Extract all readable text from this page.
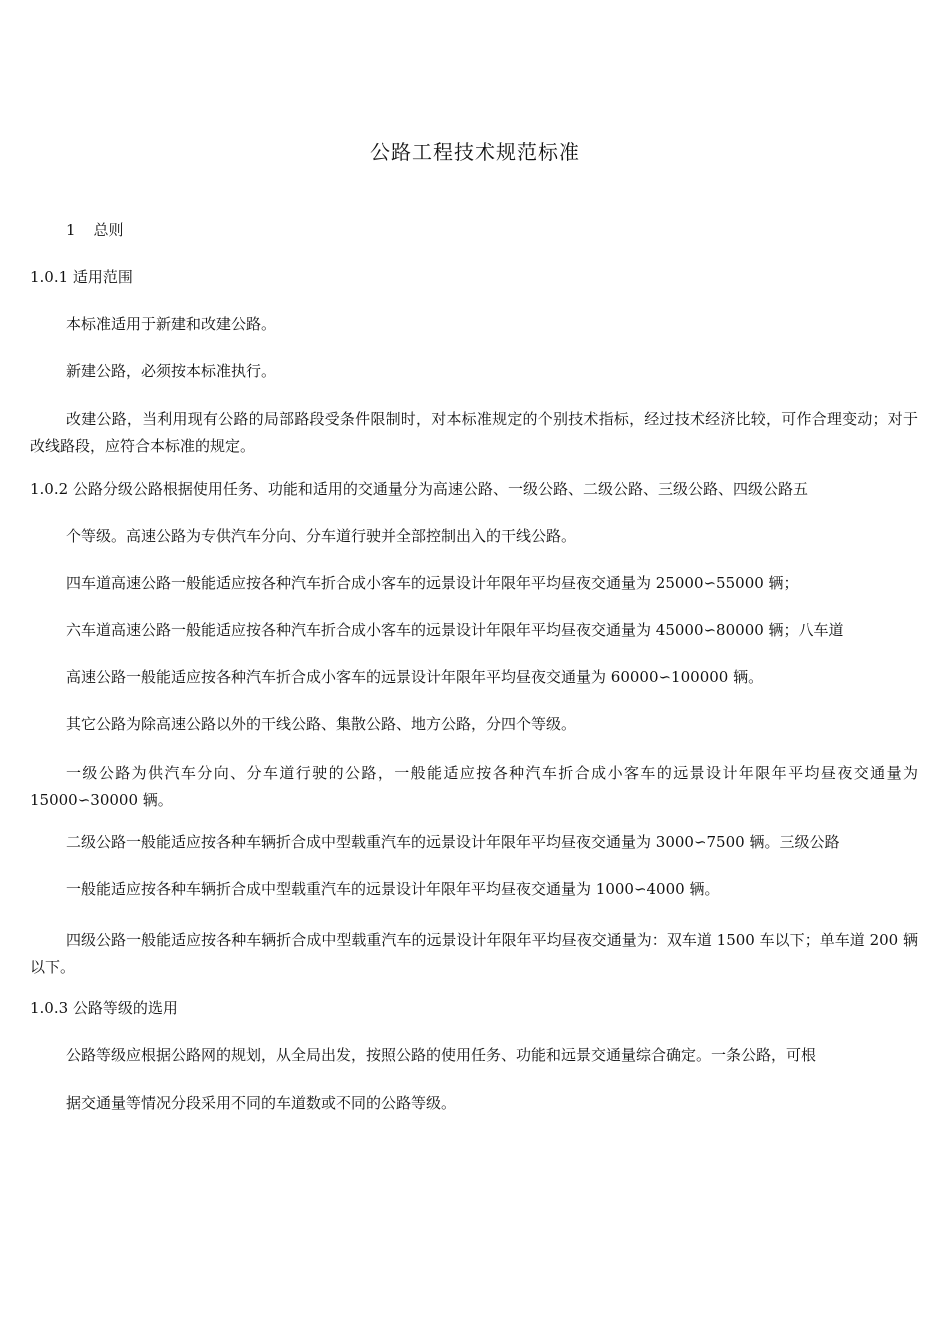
公路工程技术规范标准
1 总则
1.0.1 适用范围
本标准适用于新建和改建公路。
新建公路，必须按本标准执行。
改建公路，当利用现有公路的局部路段受条件限制时，对本标准规定的个别技术指标，经过技术经济比较，可作合理变动；对于改线路段，应符合本标准的规定。
1.0.2 公路分级公路根据使用任务、功能和适用的交通量分为高速公路、一级公路、二级公路、三级公路、四级公路五
个等级。高速公路为专供汽车分向、分车道行驶并全部控制出入的干线公路。
四车道高速公路一般能适应按各种汽车折合成小客车的远景设计年限年平均昼夜交通量为 25000∽55000 辆；
六车道高速公路一般能适应按各种汽车折合成小客车的远景设计年限年平均昼夜交通量为 45000∽80000 辆；八车道
高速公路一般能适应按各种汽车折合成小客车的远景设计年限年平均昼夜交通量为 60000∽100000 辆。
其它公路为除高速公路以外的干线公路、集散公路、地方公路，分四个等级。
一级公路为供汽车分向、分车道行驶的公路，一般能适应按各种汽车折合成小客车的远景设计年限年平均昼夜交通量为 15000∽30000 辆。
二级公路一般能适应按各种车辆折合成中型载重汽车的远景设计年限年平均昼夜交通量为 3000∽7500 辆。三级公路
一般能适应按各种车辆折合成中型载重汽车的远景设计年限年平均昼夜交通量为 1000∽4000 辆。
四级公路一般能适应按各种车辆折合成中型载重汽车的远景设计年限年平均昼夜交通量为：双车道 1500 车以下；单车道 200 辆以下。
1.0.3 公路等级的选用
公路等级应根据公路网的规划，从全局出发，按照公路的使用任务、功能和远景交通量综合确定。一条公路，可根
据交通量等情况分段采用不同的车道数或不同的公路等级。
